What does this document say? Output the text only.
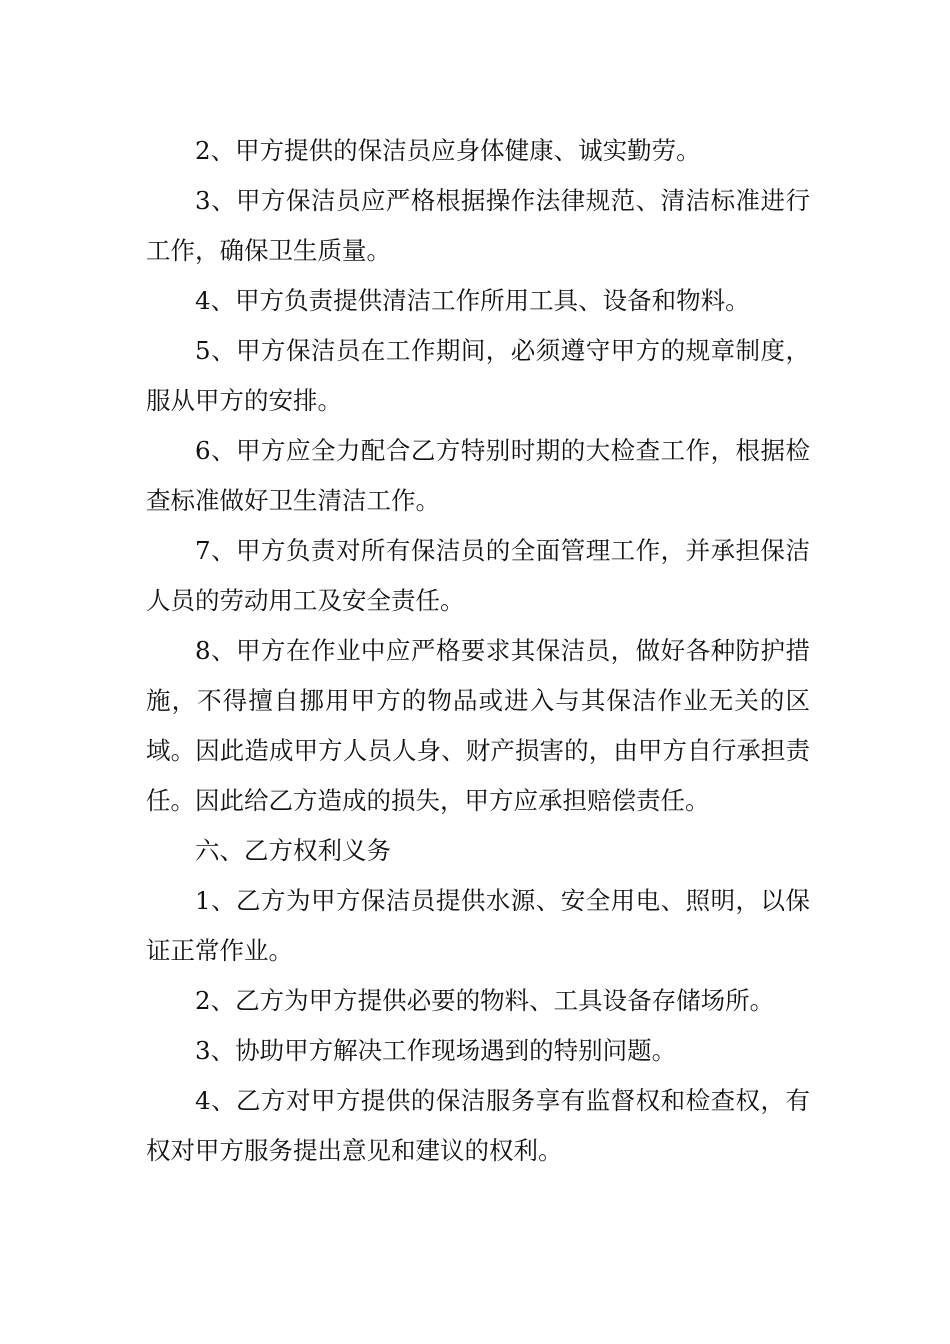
2、甲方提供的保洁员应身体健康、诚实勤劳。

3、甲方保洁员应严格根据操作法律规范、清洁标准进行工作，确保卫生质量。

4、甲方负责提供清洁工作所用工具、设备和物料。

5、甲方保洁员在工作期间，必须遵守甲方的规章制度，服从甲方的安排。

6、甲方应全力配合乙方特别时期的大检查工作，根据检查标准做好卫生清洁工作。

7、甲方负责对所有保洁员的全面管理工作，并承担保洁人员的劳动用工及安全责任。

8、甲方在作业中应严格要求其保洁员，做好各种防护措施，不得擅自挪用甲方的物品或进入与其保洁作业无关的区域。因此造成甲方人员人身、财产损害的，由甲方自行承担责任。因此给乙方造成的损失，甲方应承担赔偿责任。

六、乙方权利义务

1、乙方为甲方保洁员提供水源、安全用电、照明，以保证正常作业。

2、乙方为甲方提供必要的物料、工具设备存储场所。

3、协助甲方解决工作现场遇到的特别问题。

4、乙方对甲方提供的保洁服务享有监督权和检查权，有权对甲方服务提出意见和建议的权利。
